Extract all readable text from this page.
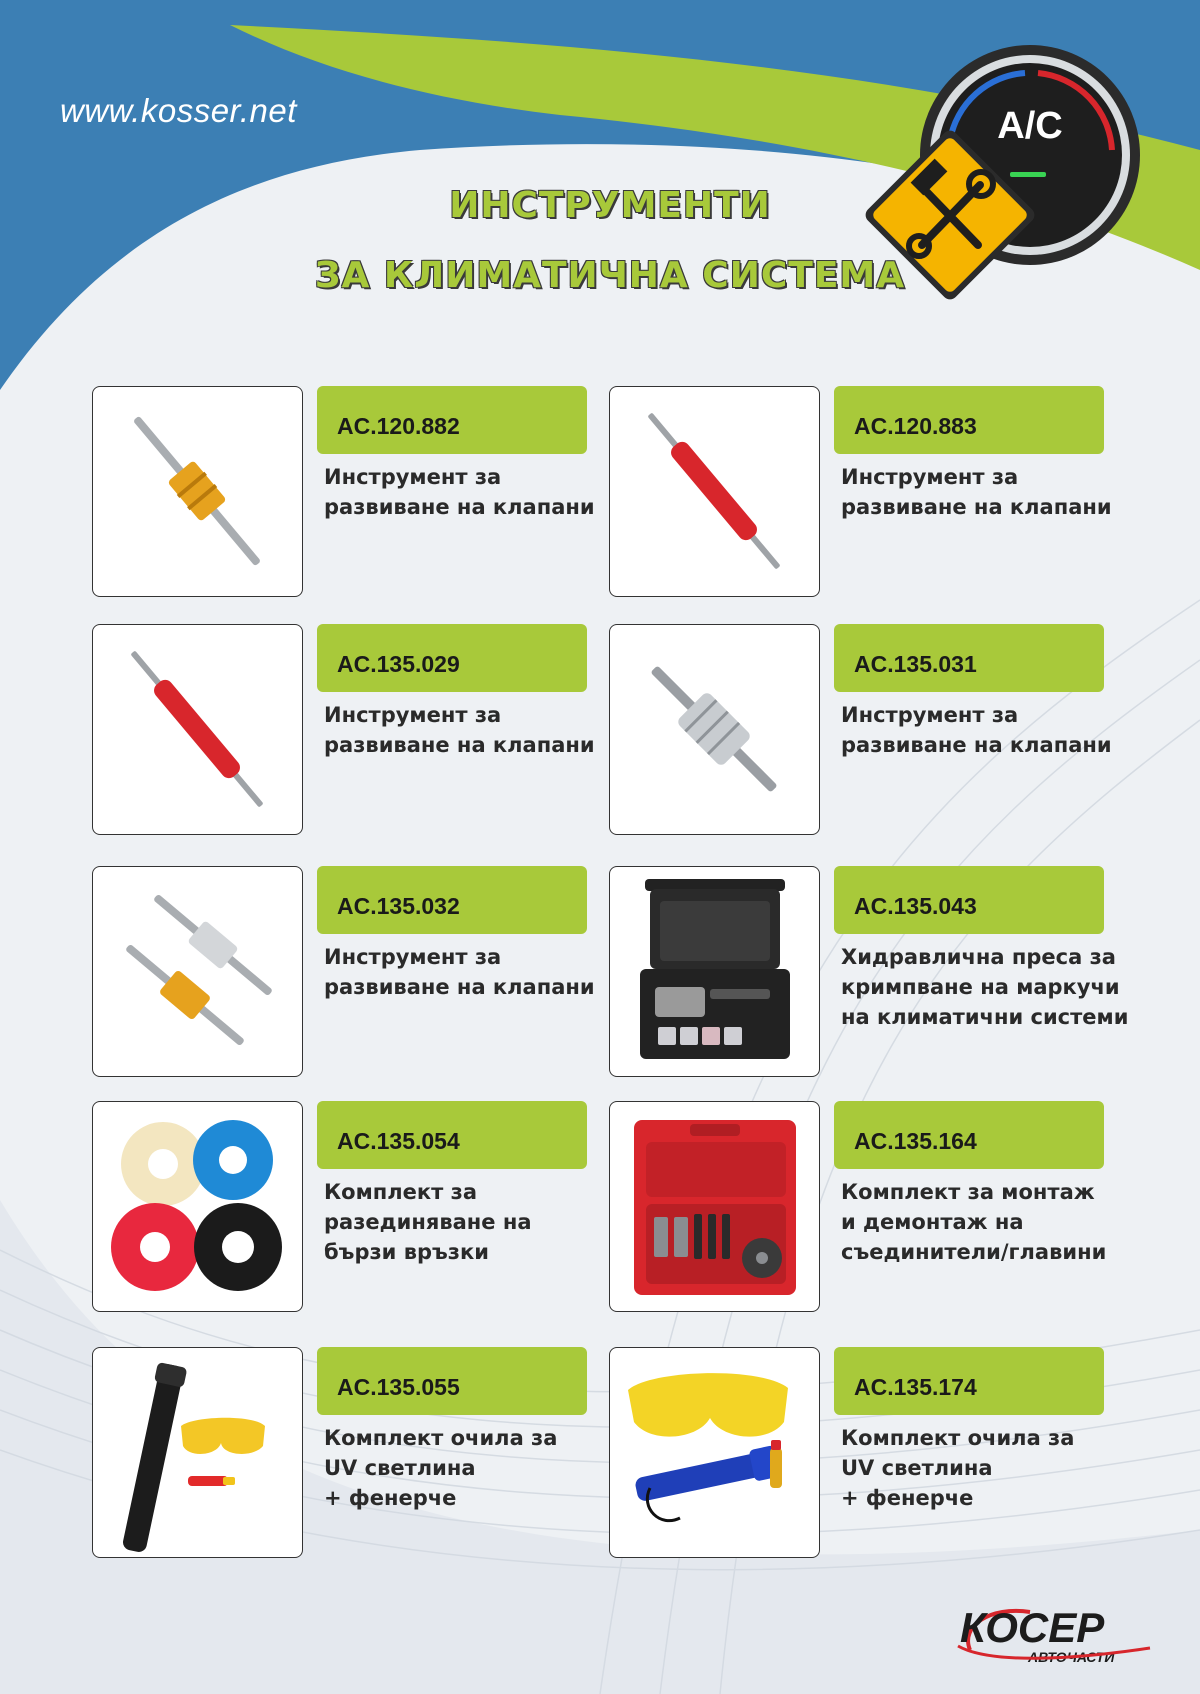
www.kosser.net
ИНСТРУМЕНТИ
ЗА КЛИМАТИЧНА СИСТЕМА
A/C
AC.120.882
Инструмент за
развиване на клапани
AC.120.883
Инструмент за
развиване на клапани
AC.135.029
Инструмент за
развиване на клапани
AC.135.031
Инструмент за
развиване на клапани
AC.135.032
Инструмент за
развиване на клапани
AC.135.043
Хидравлична преса за
кримпване на маркучи
на климатични системи
AC.135.054
Комплект за
разединяване на
бързи връзки
AC.135.164
Комплект за монтаж
и демонтаж на
съединители/главини
AC.135.055
Комплект очила за
UV светлина
+ фенерче
AC.135.174
Комплект очила за
UV светлина
+ фенерче
КОСЕР
АВТОЧАСТИ
